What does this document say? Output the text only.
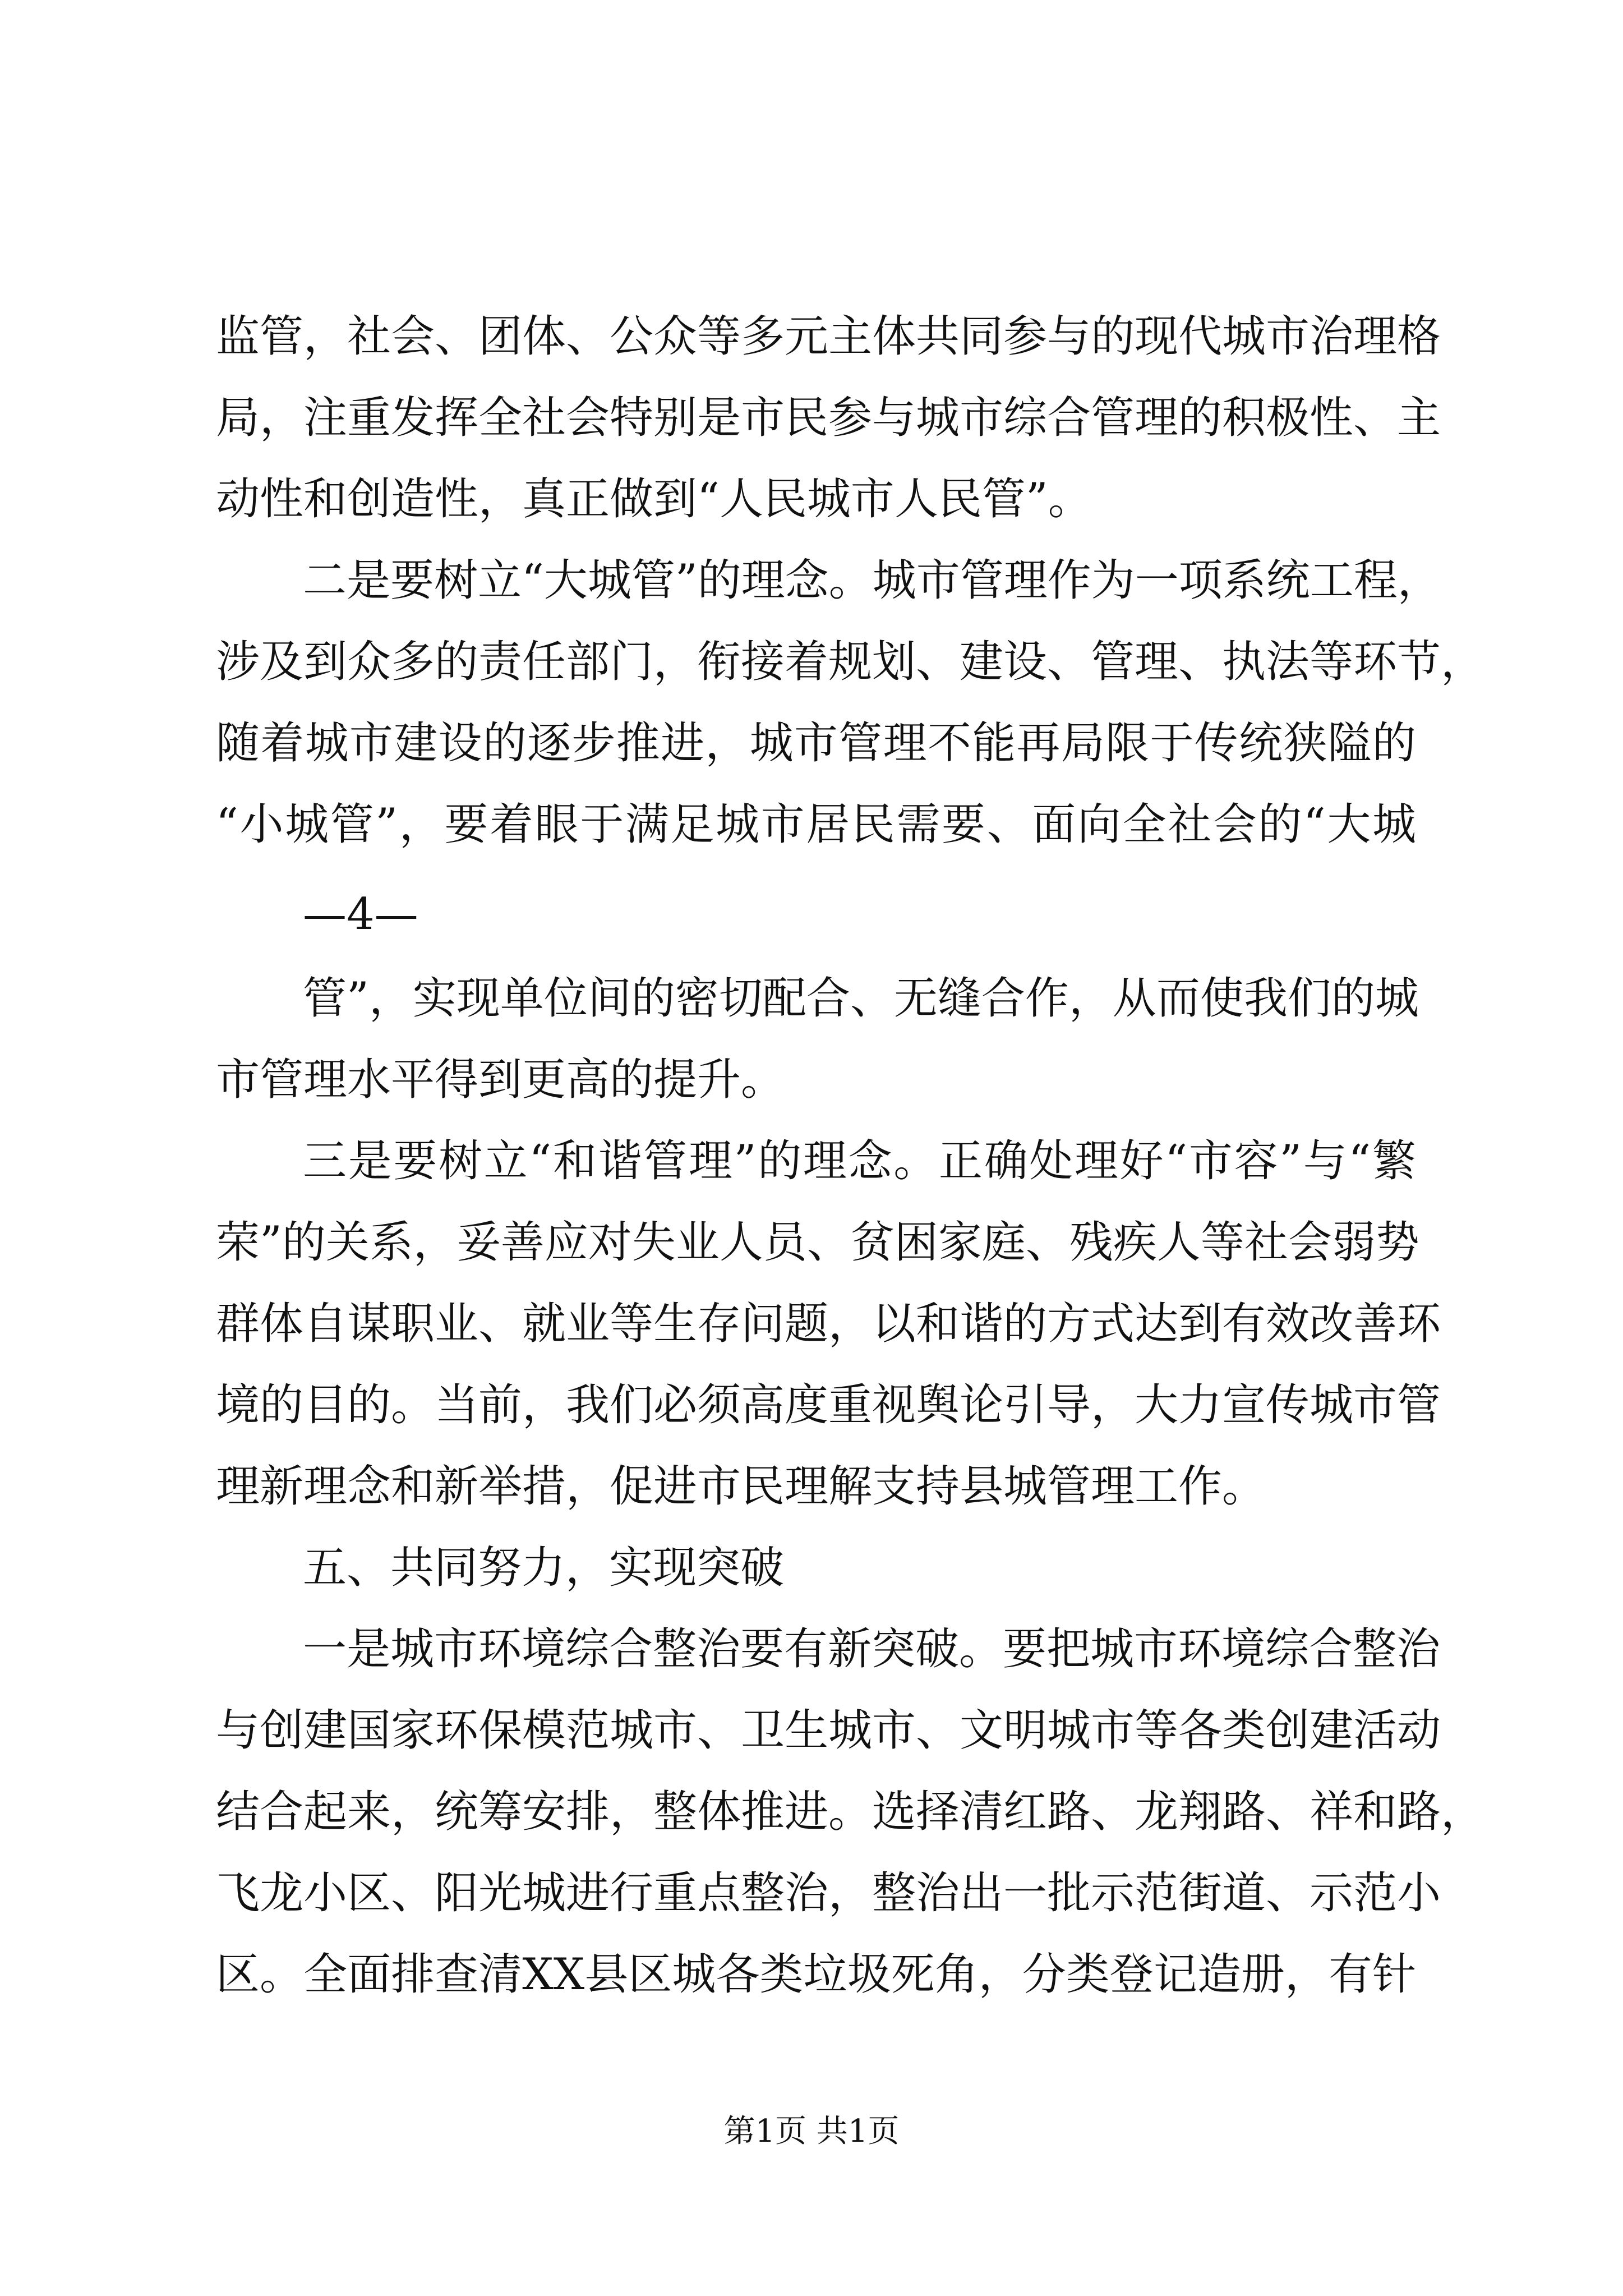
监管，社会、团体、公众等多元主体共同参与的现代城市治理格
局，注重发挥全社会特别是市民参与城市综合管理的积极性、主
动性和创造性，真正做到“人民城市人民管”。
二是要树立“大城管”的理念。城市管理作为一项系统工程，
涉及到众多的责任部门，衔接着规划、建设、管理、执法等环节，
随着城市建设的逐步推进，城市管理不能再局限于传统狭隘的
“小城管”，要着眼于满足城市居民需要、面向全社会的“大城
—4—
管”，实现单位间的密切配合、无缝合作，从而使我们的城
市管理水平得到更高的提升。
三是要树立“和谐管理”的理念。正确处理好“市容”与“繁
荣”的关系，妥善应对失业人员、贫困家庭、残疾人等社会弱势
群体自谋职业、就业等生存问题，以和谐的方式达到有效改善环
境的目的。当前，我们必须高度重视舆论引导，大力宣传城市管
理新理念和新举措，促进市民理解支持县城管理工作。
五、共同努力，实现突破
一是城市环境综合整治要有新突破。要把城市环境综合整治
与创建国家环保模范城市、卫生城市、文明城市等各类创建活动
结合起来，统筹安排，整体推进。选择清红路、龙翔路、祥和路，
飞龙小区、阳光城进行重点整治，整治出一批示范街道、示范小
区。全面排查清XX县区城各类垃圾死角，分类登记造册，有针
第1页 共1页
